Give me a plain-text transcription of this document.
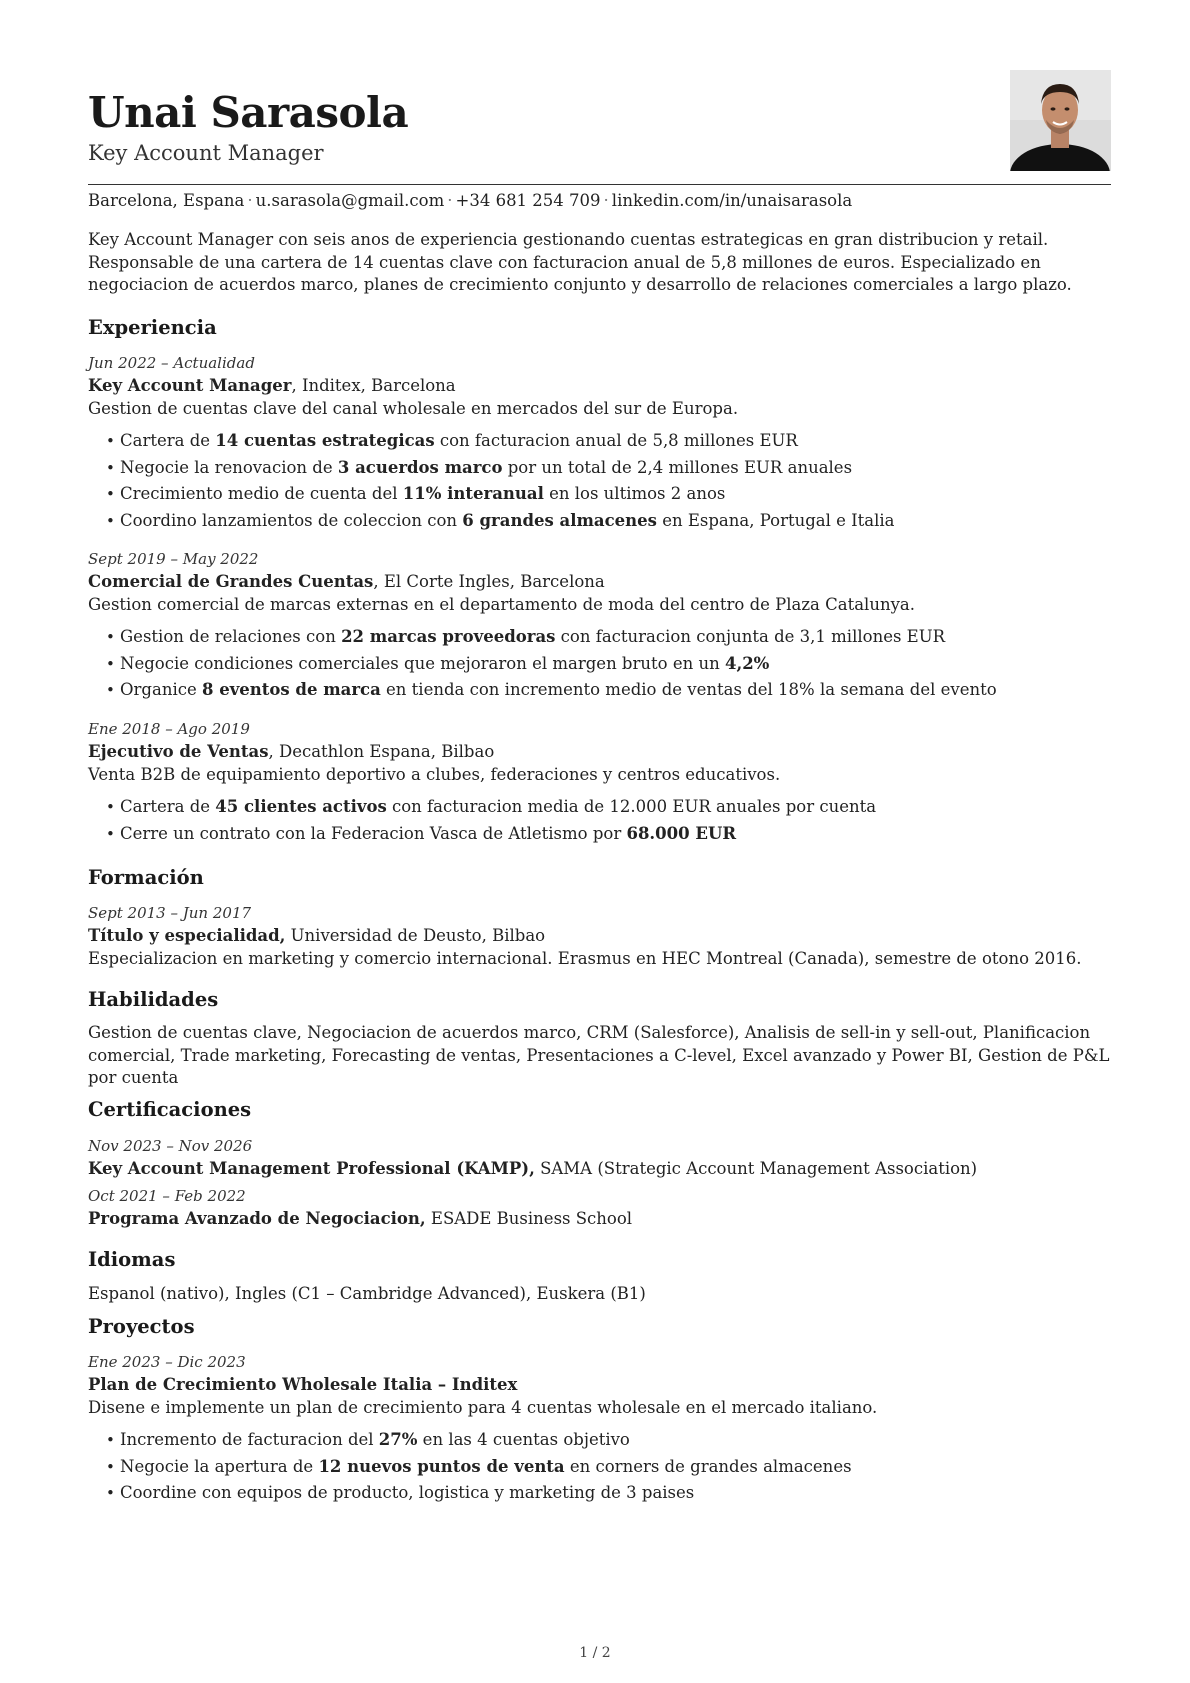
Unai Sarasola
Key Account Manager
Barcelona, Espana · u.sarasola@gmail.com · +34 681 254 709 · linkedin.com/in/unaisarasola
Key Account Manager con seis anos de experiencia gestionando cuentas estrategicas en gran distribucion y retail. Responsable de una cartera de 14 cuentas clave con facturacion anual de 5,8 millones de euros. Especializado en negociacion de acuerdos marco, planes de crecimiento conjunto y desarrollo de relaciones comerciales a largo plazo.
Experiencia
Jun 2022 – Actualidad
Key Account Manager, Inditex, Barcelona
Gestion de cuentas clave del canal wholesale en mercados del sur de Europa.
• Cartera de 14 cuentas estrategicas con facturacion anual de 5,8 millones EUR
• Negocie la renovacion de 3 acuerdos marco por un total de 2,4 millones EUR anuales
• Crecimiento medio de cuenta del 11% interanual en los ultimos 2 anos
• Coordino lanzamientos de coleccion con 6 grandes almacenes en Espana, Portugal e Italia
Sept 2019 – May 2022
Comercial de Grandes Cuentas, El Corte Ingles, Barcelona
Gestion comercial de marcas externas en el departamento de moda del centro de Plaza Catalunya.
• Gestion de relaciones con 22 marcas proveedoras con facturacion conjunta de 3,1 millones EUR
• Negocie condiciones comerciales que mejoraron el margen bruto en un 4,2%
• Organice 8 eventos de marca en tienda con incremento medio de ventas del 18% la semana del evento
Ene 2018 – Ago 2019
Ejecutivo de Ventas, Decathlon Espana, Bilbao
Venta B2B de equipamiento deportivo a clubes, federaciones y centros educativos.
• Cartera de 45 clientes activos con facturacion media de 12.000 EUR anuales por cuenta
• Cerre un contrato con la Federacion Vasca de Atletismo por 68.000 EUR
Formación
Sept 2013 – Jun 2017
Título y especialidad, Universidad de Deusto, Bilbao
Especializacion en marketing y comercio internacional. Erasmus en HEC Montreal (Canada), semestre de otono 2016.
Habilidades
Gestion de cuentas clave, Negociacion de acuerdos marco, CRM (Salesforce), Analisis de sell-in y sell-out, Planificacion comercial, Trade marketing, Forecasting de ventas, Presentaciones a C-level, Excel avanzado y Power BI, Gestion de P&L por cuenta
Certificaciones
Nov 2023 – Nov 2026
Key Account Management Professional (KAMP), SAMA (Strategic Account Management Association)
Oct 2021 – Feb 2022
Programa Avanzado de Negociacion, ESADE Business School
Idiomas
Espanol (nativo), Ingles (C1 – Cambridge Advanced), Euskera (B1)
Proyectos
Ene 2023 – Dic 2023
Plan de Crecimiento Wholesale Italia – Inditex
Disene e implemente un plan de crecimiento para 4 cuentas wholesale en el mercado italiano.
• Incremento de facturacion del 27% en las 4 cuentas objetivo
• Negocie la apertura de 12 nuevos puntos de venta en corners de grandes almacenes
• Coordine con equipos de producto, logistica y marketing de 3 paises
1 / 2
